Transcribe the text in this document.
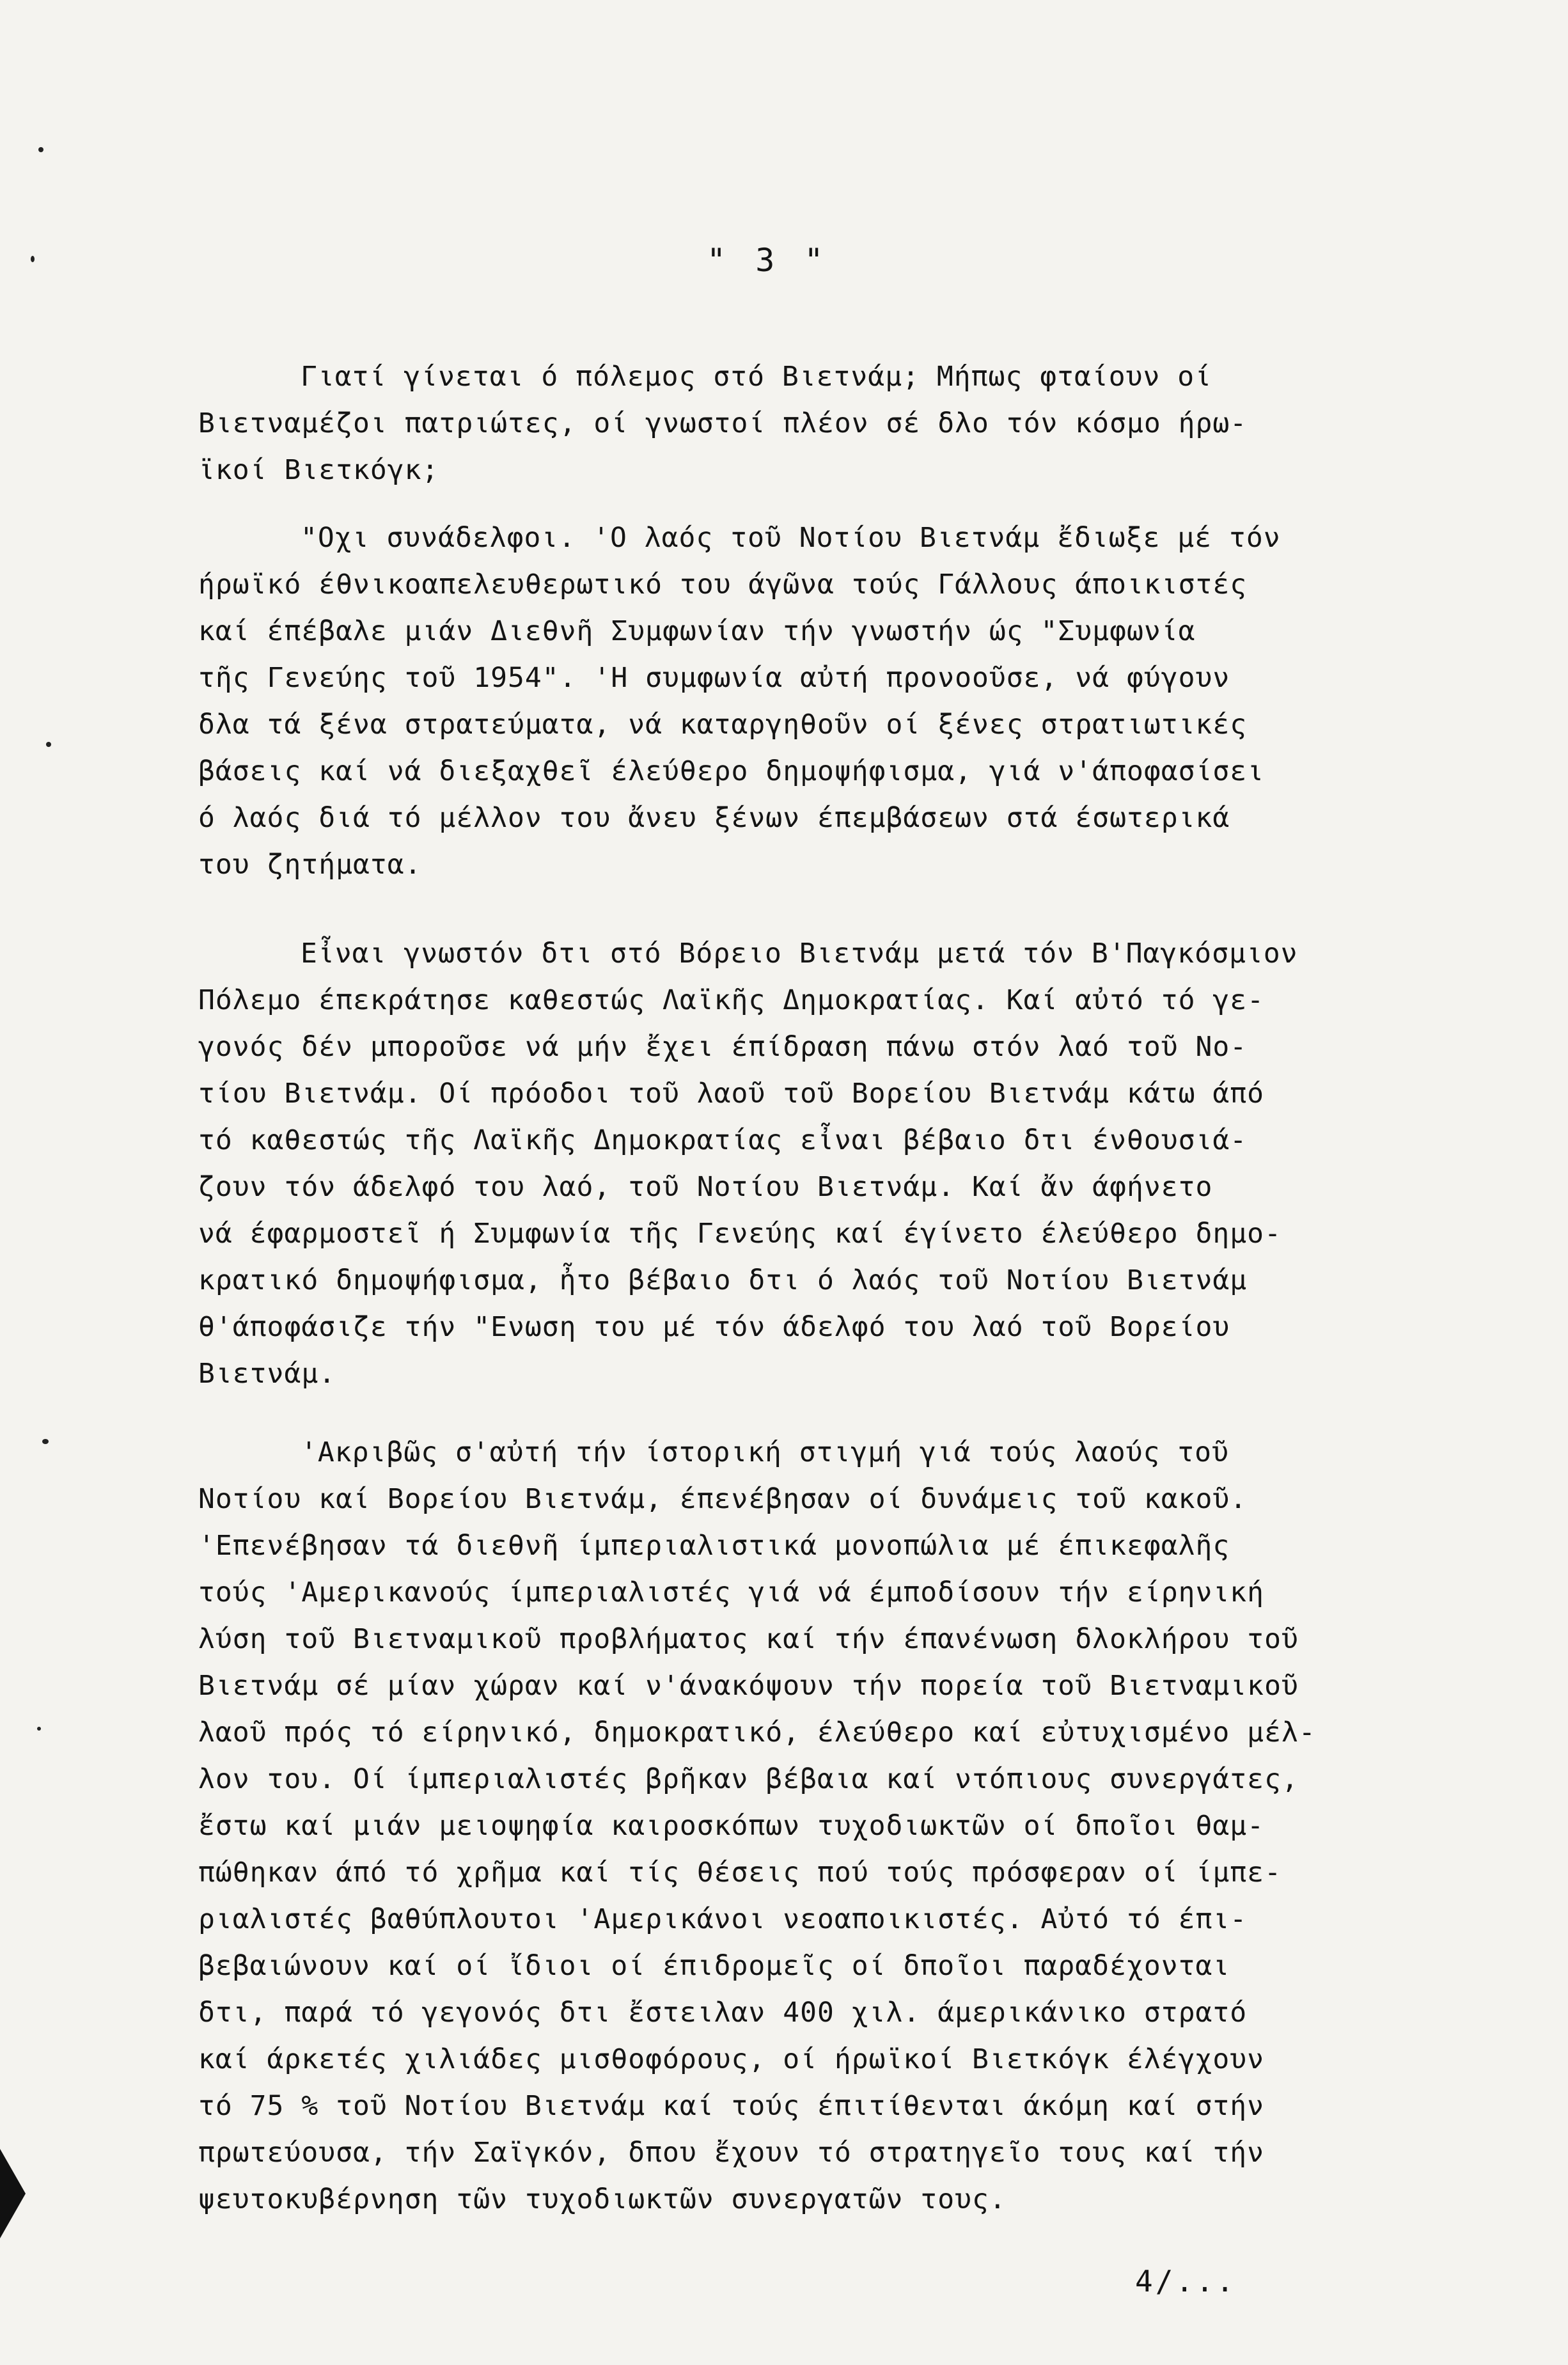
" 3 "
Γιατί γίνεται ό πόλεμος στό Βιετνάμ; Μήπως φταίουν οί
Βιετναμέζοι πατριώτες, οί γνωστοί πλέον σέ δλο τόν κόσμο ήρω-
ϊκοί Βιετκόγκ;
"Οχι συνάδελφοι. 'Ο λαός τοῦ Νοτίου Βιετνάμ ἔδιωξε μέ τόν
ήρωϊκό έθνικοαπελευθερωτικό του άγῶνα τούς Γάλλους άποικιστές
καί έπέβαλε μιάν Διεθνῆ Συμφωνίαν τήν γνωστήν ώς "Συμφωνία
τῆς Γενεύης τοῦ 1954". 'Η συμφωνία αὐτή προνοοῦσε, νά φύγουν
δλα τά ξένα στρατεύματα, νά καταργηθοῦν οί ξένες στρατιωτικές
βάσεις καί νά διεξαχθεῖ έλεύθερο δημοψήφισμα, γιά ν'άποφασίσει
ό λαός διά τό μέλλον του ἄνευ ξένων έπεμβάσεων στά έσωτερικά
του ζητήματα.
Εἶναι γνωστόν δτι στό Βόρειο Βιετνάμ μετά τόν Β'Παγκόσμιον
Πόλεμο έπεκράτησε καθεστώς Λαϊκῆς Δημοκρατίας. Καί αὐτό τό γε-
γονός δέν μποροῦσε νά μήν ἔχει έπίδραση πάνω στόν λαό τοῦ Νο-
τίου Βιετνάμ. Οί πρόοδοι τοῦ λαοῦ τοῦ Βορείου Βιετνάμ κάτω άπό
τό καθεστώς τῆς Λαϊκῆς Δημοκρατίας εἶναι βέβαιο δτι ένθουσιά-
ζουν τόν άδελφό του λαό, τοῦ Νοτίου Βιετνάμ. Καί ἄν άφήνετο
νά έφαρμοστεῖ ή Συμφωνία τῆς Γενεύης καί έγίνετο έλεύθερο δημο-
κρατικό δημοψήφισμα, ἦτο βέβαιο δτι ό λαός τοῦ Νοτίου Βιετνάμ
θ'άποφάσιζε τήν "Ενωση του μέ τόν άδελφό του λαό τοῦ Βορείου
Βιετνάμ.
'Ακριβῶς σ'αὐτή τήν ίστορική στιγμή γιά τούς λαούς τοῦ
Νοτίου καί Βορείου Βιετνάμ, έπενέβησαν οί δυνάμεις τοῦ κακοῦ.
'Επενέβησαν τά διεθνῆ ίμπεριαλιστικά μονοπώλια μέ έπικεφαλῆς
τούς 'Αμερικανούς ίμπεριαλιστές γιά νά έμποδίσουν τήν είρηνική
λύση τοῦ Βιετναμικοῦ προβλήματος καί τήν έπανένωση δλοκλήρου τοῦ
Βιετνάμ σέ μίαν χώραν καί ν'άνακόψουν τήν πορεία τοῦ Βιετναμικοῦ
λαοῦ πρός τό είρηνικό, δημοκρατικό, έλεύθερο καί εὐτυχισμένο μέλ-
λον του. Οί ίμπεριαλιστές βρῆκαν βέβαια καί ντόπιους συνεργάτες,
ἔστω καί μιάν μειοψηφία καιροσκόπων τυχοδιωκτῶν οί δποῖοι θαμ-
πώθηκαν άπό τό χρῆμα καί τίς θέσεις πού τούς πρόσφεραν οί ίμπε-
ριαλιστές βαθύπλουτοι 'Αμερικάνοι νεοαποικιστές. Αὐτό τό έπι-
βεβαιώνουν καί οί ἴδιοι οί έπιδρομεῖς οί δποῖοι παραδέχονται
δτι, παρά τό γεγονός δτι ἔστειλαν 400 χιλ. άμερικάνικο στρατό
καί άρκετές χιλιάδες μισθοφόρους, οί ήρωϊκοί Βιετκόγκ έλέγχουν
τό 75 % τοῦ Νοτίου Βιετνάμ καί τούς έπιτίθενται άκόμη καί στήν
πρωτεύουσα, τήν Σαϊγκόν, δπου ἔχουν τό στρατηγεῖο τους καί τήν
ψευτοκυβέρνηση τῶν τυχοδιωκτῶν συνεργατῶν τους.
4/...
